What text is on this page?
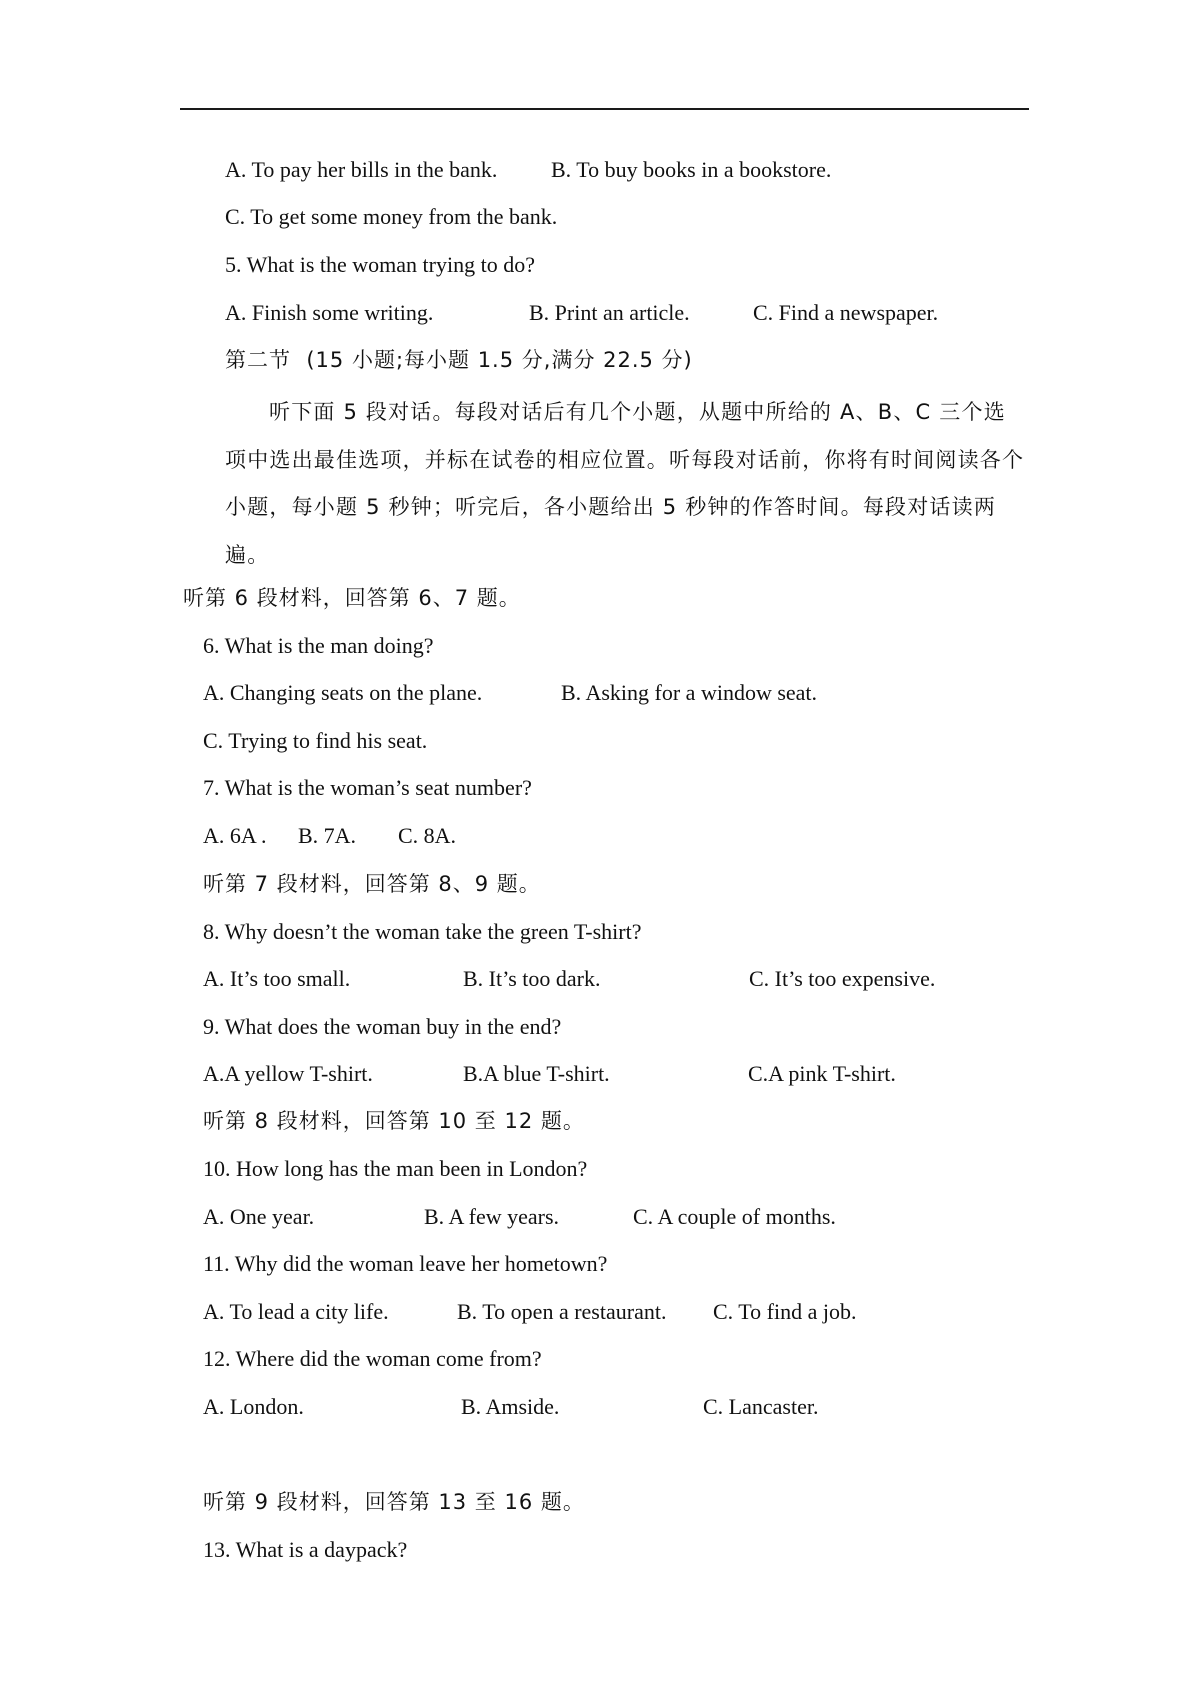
A. To pay her bills in the bank. B. To buy books in a bookstore.
C. To get some money from the bank.
5. What is the woman trying to do?
A. Finish some writing.	B. Print an article.	C. Find a newspaper.
第二节  (15 小题;每小题 1.5 分,满分 22.5 分)

听下面 5 段对话。每段对话后有几个小题，从题中所给的 A、B、C 三个选项中选出最佳选项，并标在试卷的相应位置。听每段对话前，你将有时间阅读各个小题，每小题 5 秒钟；听完后，各小题给出 5 秒钟的作答时间。每段对话读两遍。

听第 6 段材料，回答第 6、7 题。
6. What is the man doing?
A. Changing seats on the plane.	B. Asking for a window seat.
C. Trying to find his seat.
7. What is the woman’s seat number?
A. 6A . B. 7A. C. 8A.
听第 7 段材料，回答第 8、9 题。
8. Why doesn’t the woman take the green T-shirt?
A. It’s too small.	B. It’s too dark.	C. It’s too expensive.
9. What does the woman buy in the end?
A.A yellow T-shirt.	B.A blue T-shirt.	C.A pink T-shirt.
听第 8 段材料，回答第 10 至 12 题。
10. How long has the man been in London?
A. One year.	B. A few years.	C. A couple of months.
11. Why did the woman leave her hometown?
A. To lead a city life.	B. To open a restaurant. C. To find a job.
12. Where did the woman come from?
A. London.	B. Amside.	C. Lancaster.
听第 9 段材料，回答第 13 至 16 题。
13. What is a daypack?
